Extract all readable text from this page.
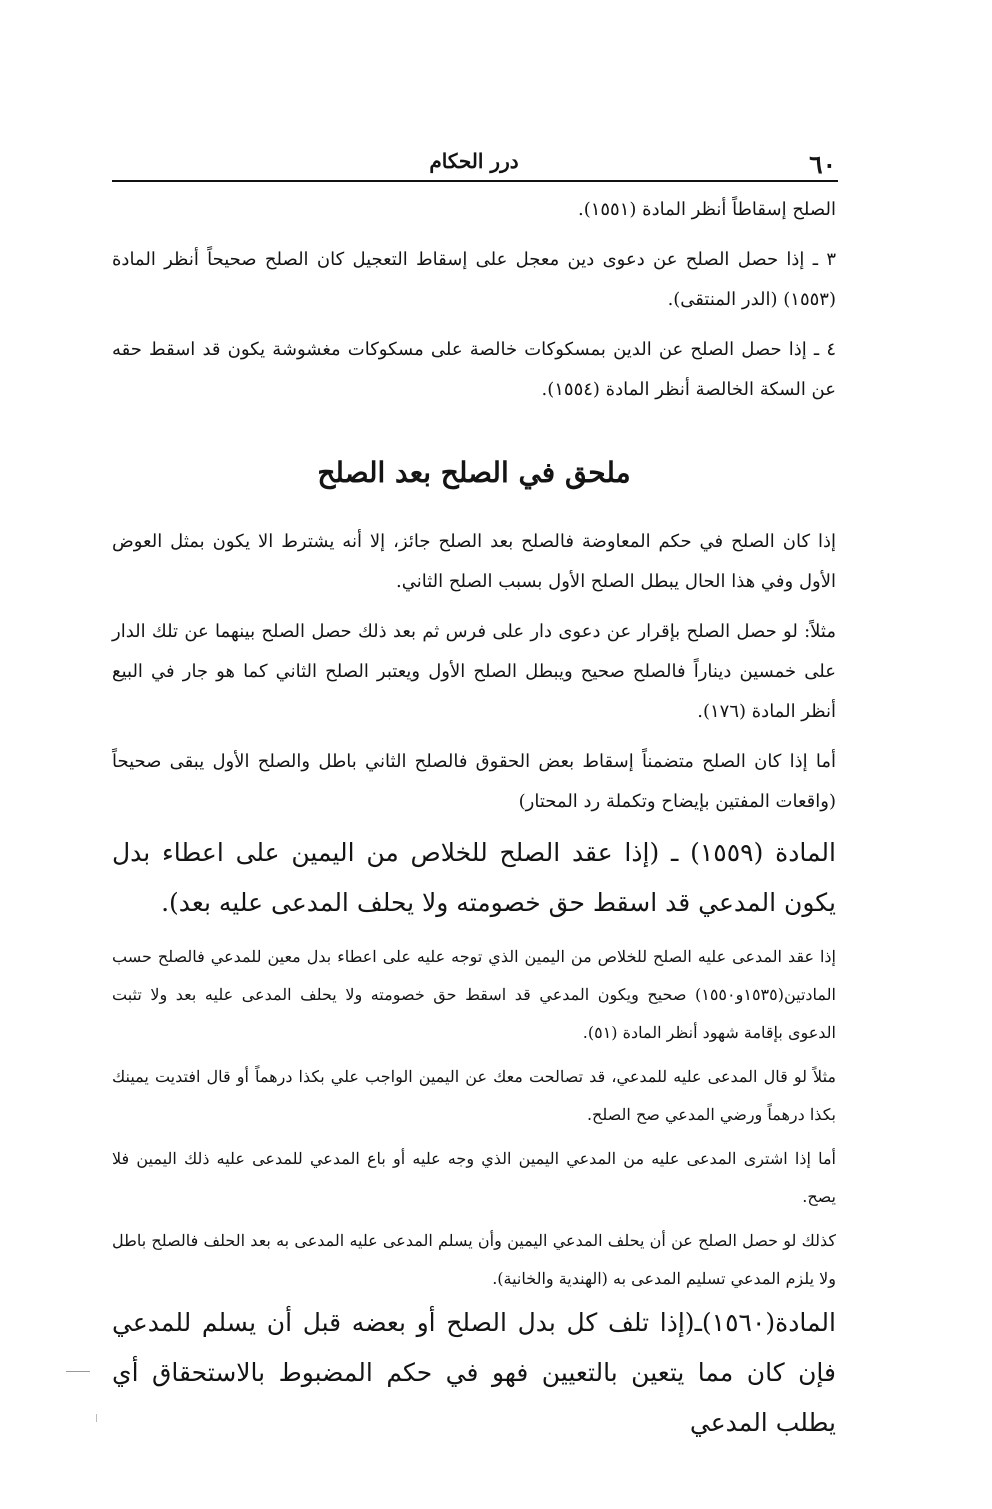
٦٠
درر الحكام

الصلح إسقاطاً أنظر المادة (١٥٥١).

٣ ـ إذا حصل الصلح عن دعوى دين معجل على إسقاط التعجيل كان الصلح صحيحاً أنظر المادة (١٥٥٣) (الدر المنتقى).

٤ ـ إذا حصل الصلح عن الدين بمسكوكات خالصة على مسكوكات مغشوشة يكون قد اسقط حقه عن السكة الخالصة أنظر المادة (١٥٥٤).

ملحق في الصلح بعد الصلح

إذا كان الصلح في حكم المعاوضة فالصلح بعد الصلح جائز، إلا أنه يشترط الا يكون بمثل العوض الأول وفي هذا الحال يبطل الصلح الأول بسبب الصلح الثاني.

مثلاً: لو حصل الصلح بإقرار عن دعوى دار على فرس ثم بعد ذلك حصل الصلح بينهما عن تلك الدار على خمسين ديناراً فالصلح صحيح ويبطل الصلح الأول ويعتبر الصلح الثاني كما هو جار في البيع أنظر المادة (١٧٦).

أما إذا كان الصلح متضمناً إسقاط بعض الحقوق فالصلح الثاني باطل والصلح الأول يبقى صحيحاً (واقعات المفتين بإيضاح وتكملة رد المحتار)

المادة (١٥٥٩) ـ (إذا عقد الصلح للخلاص من اليمين على اعطاء بدل يكون المدعي قد اسقط حق خصومته ولا يحلف المدعى عليه بعد).

إذا عقد المدعى عليه الصلح للخلاص من اليمين الذي توجه عليه على اعطاء بدل معين للمدعي فالصلح حسب المادتين(١٥٣٥و١٥٥٠) صحيح ويكون المدعي قد اسقط حق خصومته ولا يحلف المدعى عليه بعد ولا تثبت الدعوى بإقامة شهود أنظر المادة (٥١).

مثلاً لو قال المدعى عليه للمدعي، قد تصالحت معك عن اليمين الواجب علي بكذا درهماً أو قال افتديت يمينك بكذا درهماً ورضي المدعي صح الصلح.

أما إذا اشترى المدعى عليه من المدعي اليمين الذي وجه عليه أو باع المدعي للمدعى عليه ذلك اليمين فلا يصح.

كذلك لو حصل الصلح عن أن يحلف المدعي اليمين وأن يسلم المدعى عليه المدعى به بعد الحلف فالصلح باطل ولا يلزم المدعي تسليم المدعى به (الهندية والخانية).

المادة(١٥٦٠)ـ(إذا تلف كل بدل الصلح أو بعضه قبل أن يسلم للمدعي فإن كان مما يتعين بالتعيين فهو في حكم المضبوط بالاستحقاق أي يطلب المدعي
